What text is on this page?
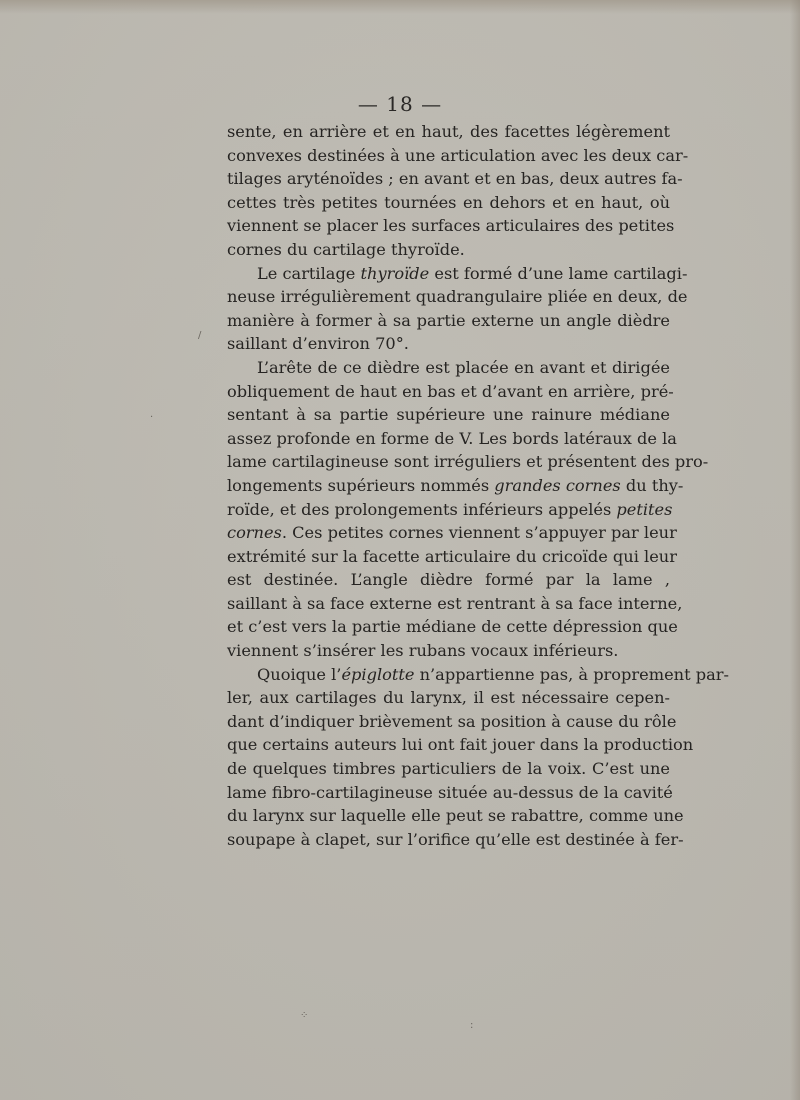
— 18 —
sente, en arrière et en haut, des facettes légèrement
convexes destinées à une articulation avec les deux car-
tilages aryténoïdes ; en avant et en bas, deux autres fa-
cettes très petites tournées en dehors et en haut, où
viennent se placer les surfaces articulaires des petites
cornes du cartilage thyroïde.
Le cartilage thyroïde est formé d’une lame cartilagi-
neuse irrégulièrement quadrangulaire pliée en deux, de
manière à former à sa partie externe un angle dièdre
saillant d’environ 70°.
L’arête de ce dièdre est placée en avant et dirigée
obliquement de haut en bas et d’avant en arrière, pré-
sentant à sa partie supérieure une rainure médiane
assez profonde en forme de V. Les bords latéraux de la
lame cartilagineuse sont irréguliers et présentent des pro-
longements supérieurs nommés grandes cornes du thy-
roïde, et des prolongements inférieurs appelés petites
cornes. Ces petites cornes viennent s’appuyer par leur
extrémité sur la facette articulaire du cricoïde qui leur
est destinée. L’angle dièdre formé par la lame ,
saillant à sa face externe est rentrant à sa face interne,
et c’est vers la partie médiane de cette dépression que
viennent s’insérer les rubans vocaux inférieurs.
Quoique l’épiglotte n’appartienne pas, à proprement par-
ler, aux cartilages du larynx, il est nécessaire cepen-
dant d’indiquer brièvement sa position à cause du rôle
que certains auteurs lui ont fait jouer dans la production
de quelques timbres particuliers de la voix. C’est une
lame fibro-cartilagineuse située au-dessus de la cavité
du larynx sur laquelle elle peut se rabattre, comme une
soupape à clapet, sur l’orifice qu’elle est destinée à fer-
/
·
⁘
:
